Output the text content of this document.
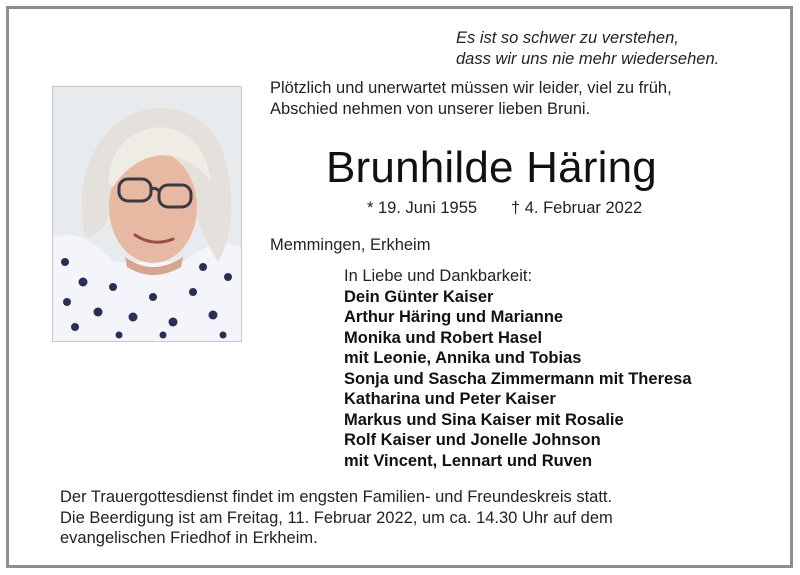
Es ist so schwer zu verstehen,
dass wir uns nie mehr wiedersehen.
Plötzlich und unerwartet müssen wir leider, viel zu früh,
Abschied nehmen von unserer lieben Bruni.
Brunhilde Häring
* 19. Juni 1955 † 4. Februar 2022
Memmingen, Erkheim
In Liebe und Dankbarkeit:
Dein Günter Kaiser
Arthur Häring und Marianne
Monika und Robert Hasel
mit Leonie, Annika und Tobias
Sonja und Sascha Zimmermann mit Theresa
Katharina und Peter Kaiser
Markus und Sina Kaiser mit Rosalie
Rolf Kaiser und Jonelle Johnson
mit Vincent, Lennart und Ruven
Der Trauergottesdienst findet im engsten Familien- und Freundeskreis statt.
Die Beerdigung ist am Freitag, 11. Februar 2022, um ca. 14.30 Uhr auf dem
evangelischen Friedhof in Erkheim.
